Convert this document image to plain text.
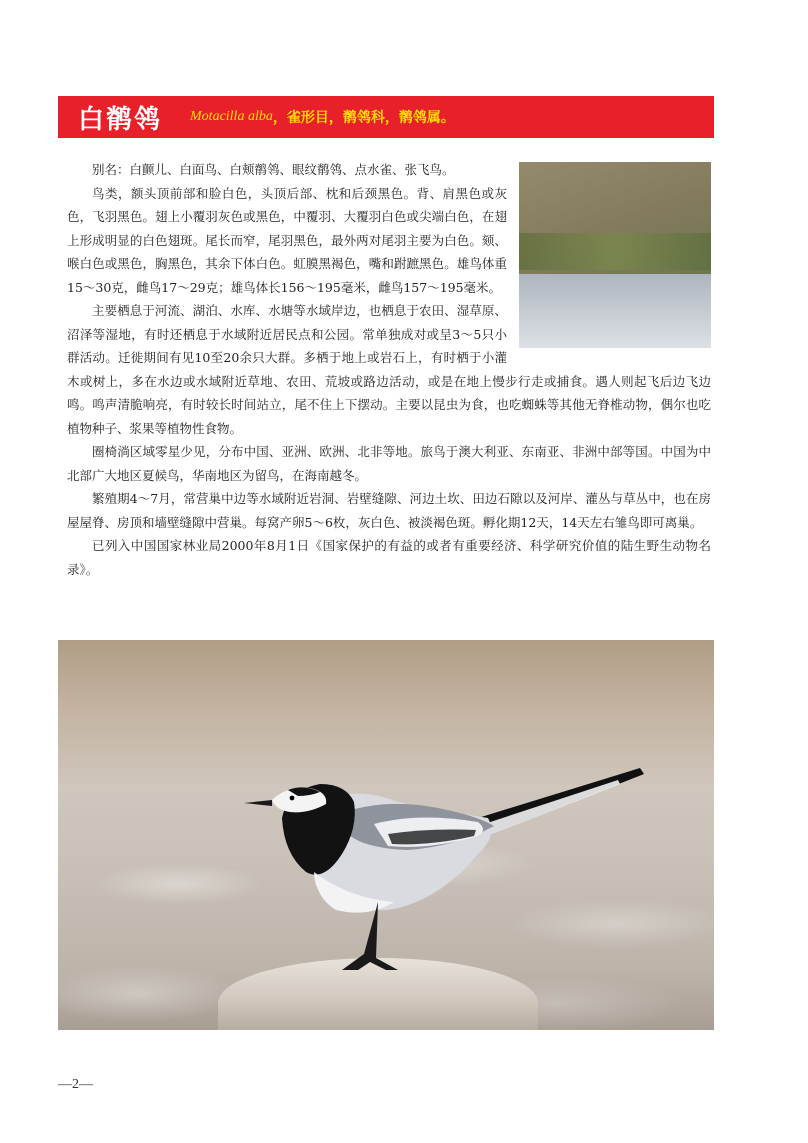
白鹡鸰 Motacilla alba ，雀形目，鹡鸰科，鹡鸰属。

别名：白颤儿、白面鸟、白颊鹡鸰、眼纹鹡鸰、点水雀、张飞鸟。

鸟类，额头顶前部和脸白色，头顶后部、枕和后颈黑色。背、肩黑色或灰色，飞羽黑色。翅上小覆羽灰色或黑色，中覆羽、大覆羽白色或尖端白色，在翅上形成明显的白色翅斑。尾长而窄，尾羽黑色，最外两对尾羽主要为白色。颏、喉白色或黑色，胸黑色，其余下体白色。虹膜黑褐色，嘴和跗蹠黑色。雄鸟体重15～30克，雌鸟17～29克；雄鸟体长156～195毫米，雌鸟157～195毫米。

主要栖息于河流、湖泊、水库、水塘等水域岸边，也栖息于农田、湿草原、沼泽等湿地，有时还栖息于水域附近居民点和公园。常单独成对或呈3～5只小群活动。迁徙期间有见10至20余只大群。多栖于地上或岩石上，有时栖于小灌木或树上，多在水边或水域附近草地、农田、荒坡或路边活动，或是在地上慢步行走或捕食。遇人则起飞后边飞边鸣。鸣声清脆响亮，有时较长时间站立，尾不住上下摆动。主要以昆虫为食，也吃蜘蛛等其他无脊椎动物，偶尔也吃植物种子、浆果等植物性食物。

圈椅淌区域零星少见，分布中国、亚洲、欧洲、北非等地。旅鸟于澳大利亚、东南亚、非洲中部等国。中国为中北部广大地区夏候鸟，华南地区为留鸟，在海南越冬。

繁殖期4～7月，常营巢中边等水域附近岩洞、岩壁缝隙、河边土坎、田边石隙以及河岸、灌丛与草丛中，也在房屋屋脊、房顶和墙壁缝隙中营巢。每窝产卵5～6枚，灰白色、被淡褐色斑。孵化期12天，14天左右雏鸟即可离巢。

已列入中国国家林业局2000年8月1日《国家保护的有益的或者有重要经济、科学研究价值的陆生野生动物名录》。

—2—
